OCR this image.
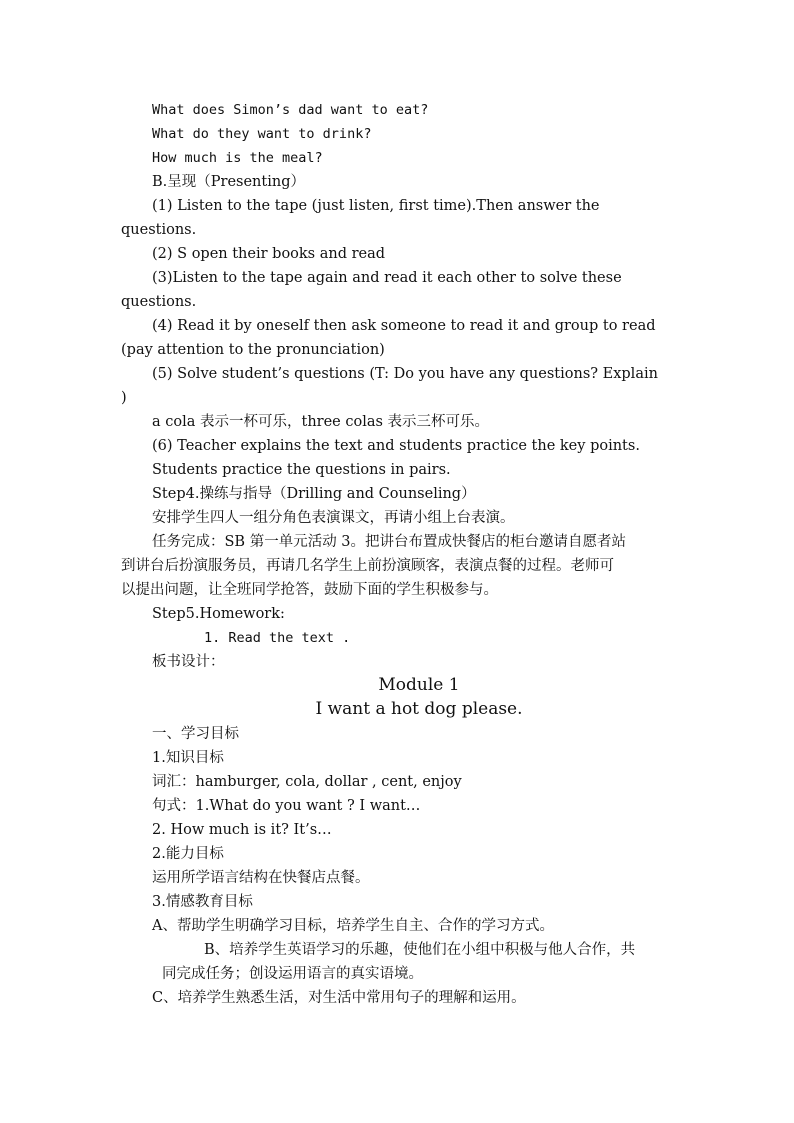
What does Simon’s dad want to eat?
What do they want to drink?
How much is the meal?
B.呈现（Presenting）
(1) Listen to the tape (just listen, first time).Then answer the
questions.
(2) S open their books and read
(3)Listen to the tape again and read it each other to solve these
questions.
(4) Read it by oneself then ask someone to read it and group to read
(pay attention to the pronunciation)
(5) Solve student’s questions (T: Do you have any questions? Explain
)
a cola 表示一杯可乐，three colas 表示三杯可乐。
(6) Teacher explains the text and students practice the key points.
Students practice the questions in pairs.
Step4.操练与指导（Drilling and Counseling）
安排学生四人一组分角色表演课文，再请小组上台表演。
任务完成：SB 第一单元活动 3。把讲台布置成快餐店的柜台邀请自愿者站
到讲台后扮演服务员，再请几名学生上前扮演顾客，表演点餐的过程。老师可
以提出问题，让全班同学抢答，鼓励下面的学生积极参与。
Step5.Homework:
1. Read the text .
板书设计：
Module 1
I want a hot dog please.
一、学习目标
1.知识目标
词汇：hamburger, cola, dollar , cent, enjoy
句式：1.What do you want ? I want…
2. How much is it? It’s…
2.能力目标
运用所学语言结构在快餐店点餐。
3.情感教育目标
A、帮助学生明确学习目标，培养学生自主、合作的学习方式。
B、培养学生英语学习的乐趣，使他们在小组中积极与他人合作，共
同完成任务；创设运用语言的真实语境。
C、培养学生熟悉生活，对生活中常用句子的理解和运用。
